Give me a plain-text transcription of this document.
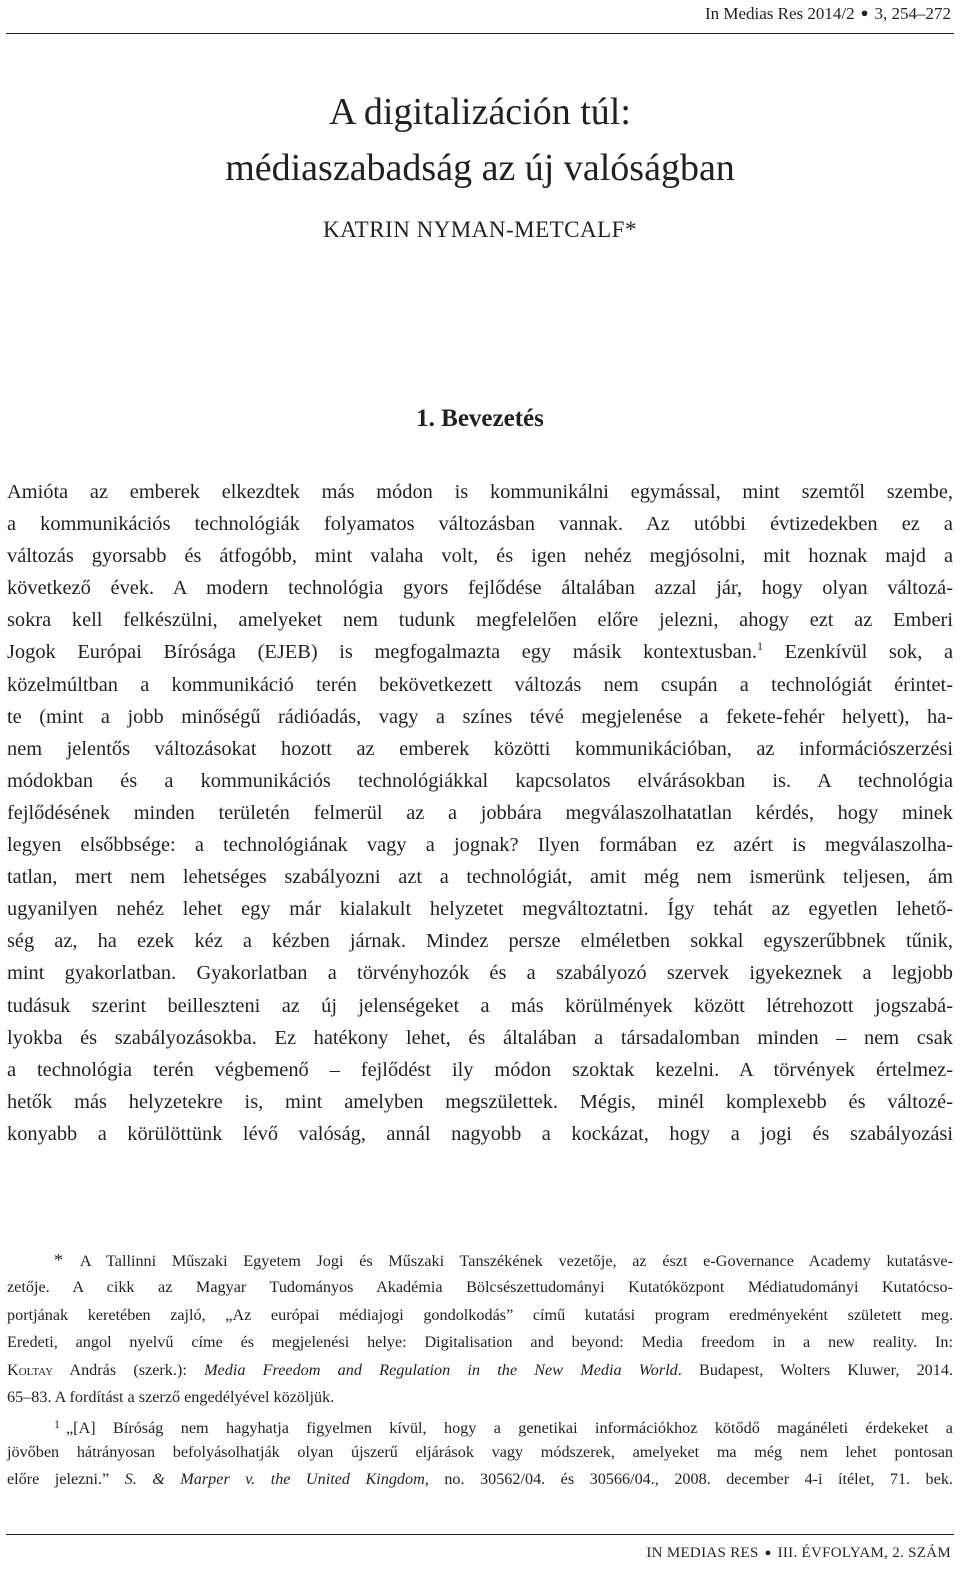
In Medias Res 2014/2 ● 3, 254–272
A digitalizáción túl:
médiaszabadság az új valóságban
KATRIN NYMAN-METCALF*
1. Bevezetés
Amióta az emberek elkezdtek más módon is kommunikálni egymással, mint szemtől szembe,
a kommunikációs technológiák folyamatos változásban vannak. Az utóbbi évtizedekben ez a
változás gyorsabb és átfogóbb, mint valaha volt, és igen nehéz megjósolni, mit hoznak majd a
következő évek. A modern technológia gyors fejlődése általában azzal jár, hogy olyan változá-
sokra kell felkészülni, amelyeket nem tudunk megfelelően előre jelezni, ahogy ezt az Emberi
Jogok Európai Bírósága (EJEB) is megfogalmazta egy másik kontextusban.$^1$ Ezenkívül sok, a
közelmúltban a kommunikáció terén bekövetkezett változás nem csupán a technológiát érintet-
te (mint a jobb minőségű rádióadás, vagy a színes tévé megjelenése a fekete-fehér helyett), ha-
nem jelentős változásokat hozott az emberek közötti kommunikációban, az információszerzési
módokban és a kommunikációs technológiákkal kapcsolatos elvárásokban is. A technológia
fejlődésének minden területén felmerül az a jobbára megválaszolhatatlan kérdés, hogy minek
legyen elsőbbsége: a technológiának vagy a jognak? Ilyen formában ez azért is megválaszolha-
tatlan, mert nem lehetséges szabályozni azt a technológiát, amit még nem ismerünk teljesen, ám
ugyanilyen nehéz lehet egy már kialakult helyzetet megváltoztatni. Így tehát az egyetlen lehető-
ség az, ha ezek kéz a kézben járnak. Mindez persze elméletben sokkal egyszerűbbnek tűnik,
mint gyakorlatban. Gyakorlatban a törvényhozók és a szabályozó szervek igyekeznek a legjobb
tudásuk szerint beilleszteni az új jelenségeket a más körülmények között létrehozott jogszabá-
lyokba és szabályozásokba. Ez hatékony lehet, és általában a társadalomban minden – nem csak
a technológia terén végbemenő – fejlődést ily módon szoktak kezelni. A törvények értelmez-
hetők más helyzetekre is, mint amelyben megszülettek. Mégis, minél komplexebb és változé-
konyabb a körülöttünk lévő valóság, annál nagyobb a kockázat, hogy a jogi és szabályozási
* A Tallinni Műszaki Egyetem Jogi és Műszaki Tanszékének vezetője, az észt e-Governance Academy kutatásve-
zetője. A cikk az Magyar Tudományos Akadémia Bölcsészettudományi Kutatóközpont Médiatudományi Kutatócso-
portjának keretében zajló, „Az európai médiajogi gondolkodás” című kutatási program eredményeként született meg.
Eredeti, angol nyelvű címe és megjelenési helye: Digitalisation and beyond: Media freedom in a new reality. In:
Koltay András (szerk.): Media Freedom and Regulation in the New Media World. Budapest, Wolters Kluwer, 2014.
65–83. A fordítást a szerző engedélyével közöljük.
$^1$ „[A] Bíróság nem hagyhatja figyelmen kívül, hogy a genetikai információkhoz kötődő magánéleti érdekeket a
jövőben hátrányosan befolyásolhatják olyan újszerű eljárások vagy módszerek, amelyeket ma még nem lehet pontosan
előre jelezni.” S. & Marper v. the United Kingdom, no. 30562/04. és 30566/04., 2008. december 4-i ítélet, 71. bek.
IN MEDIAS RES ● III. ÉVFOLYAM, 2. SZÁM
